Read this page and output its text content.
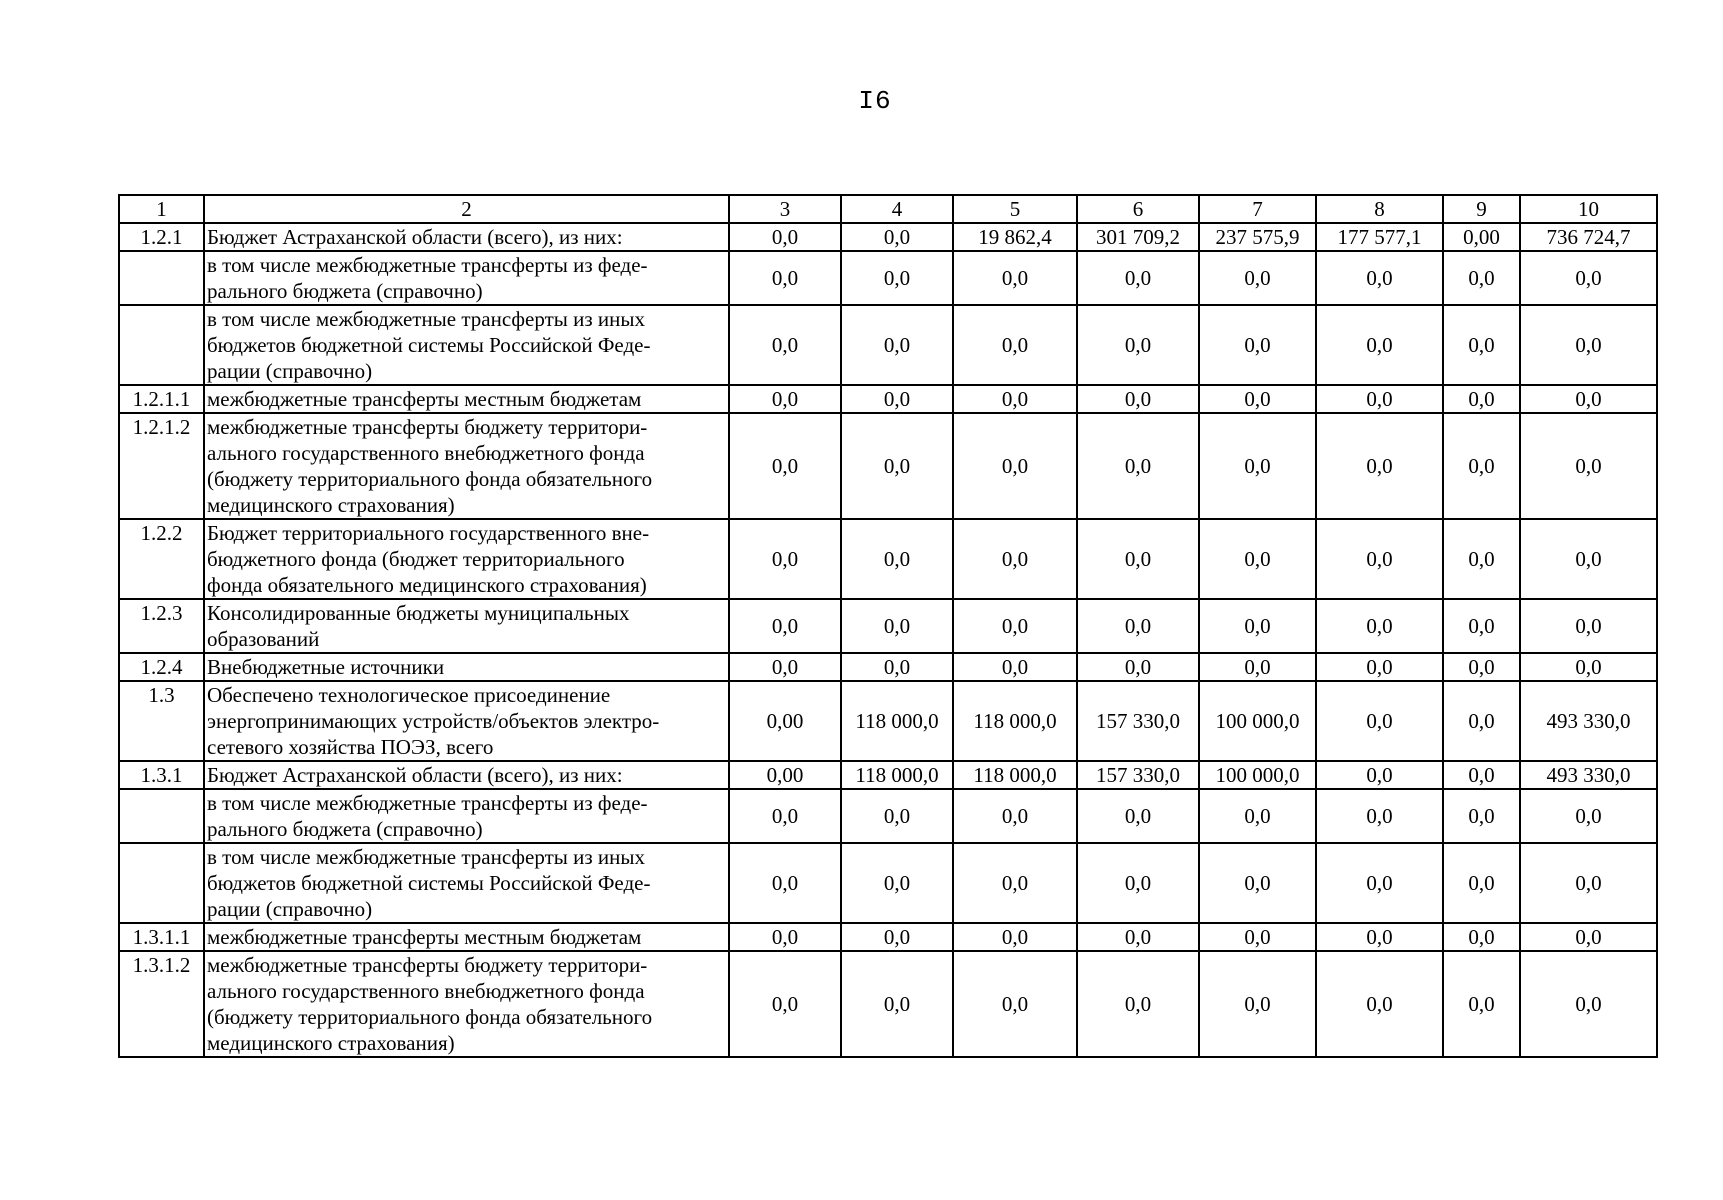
I6
1	2	3	4	5	6	7	8	9	10
1.2.1	Бюджет Астраханской области (всего), из них:	0,0	0,0	19 862,4	301 709,2	237 575,9	177 577,1	0,00	736 724,7
	в том числе межбюджетные трансферты из феде-
рального бюджета (справочно)	0,0	0,0	0,0	0,0	0,0	0,0	0,0	0,0
	в том числе межбюджетные трансферты из иных
бюджетов бюджетной системы Российской Феде-
рации (справочно)	0,0	0,0	0,0	0,0	0,0	0,0	0,0	0,0
1.2.1.1	межбюджетные трансферты местным бюджетам	0,0	0,0	0,0	0,0	0,0	0,0	0,0	0,0
1.2.1.2	межбюджетные трансферты бюджету территори-
ального государственного внебюджетного фонда
(бюджету территориального фонда обязательного
медицинского страхования)	0,0	0,0	0,0	0,0	0,0	0,0	0,0	0,0
1.2.2	Бюджет территориального государственного вне-
бюджетного фонда (бюджет территориального
фонда обязательного медицинского страхования)	0,0	0,0	0,0	0,0	0,0	0,0	0,0	0,0
1.2.3	Консолидированные бюджеты муниципальных
образований	0,0	0,0	0,0	0,0	0,0	0,0	0,0	0,0
1.2.4	Внебюджетные источники	0,0	0,0	0,0	0,0	0,0	0,0	0,0	0,0
1.3	Обеспечено технологическое присоединение
энергопринимающих устройств/объектов электро-
сетевого хозяйства ПОЭЗ, всего	0,00	118 000,0	118 000,0	157 330,0	100 000,0	0,0	0,0	493 330,0
1.3.1	Бюджет Астраханской области (всего), из них:	0,00	118 000,0	118 000,0	157 330,0	100 000,0	0,0	0,0	493 330,0
	в том числе межбюджетные трансферты из феде-
рального бюджета (справочно)	0,0	0,0	0,0	0,0	0,0	0,0	0,0	0,0
	в том числе межбюджетные трансферты из иных
бюджетов бюджетной системы Российской Феде-
рации (справочно)	0,0	0,0	0,0	0,0	0,0	0,0	0,0	0,0
1.3.1.1	межбюджетные трансферты местным бюджетам	0,0	0,0	0,0	0,0	0,0	0,0	0,0	0,0
1.3.1.2	межбюджетные трансферты бюджету территори-
ального государственного внебюджетного фонда
(бюджету территориального фонда обязательного
медицинского страхования)	0,0	0,0	0,0	0,0	0,0	0,0	0,0	0,0
